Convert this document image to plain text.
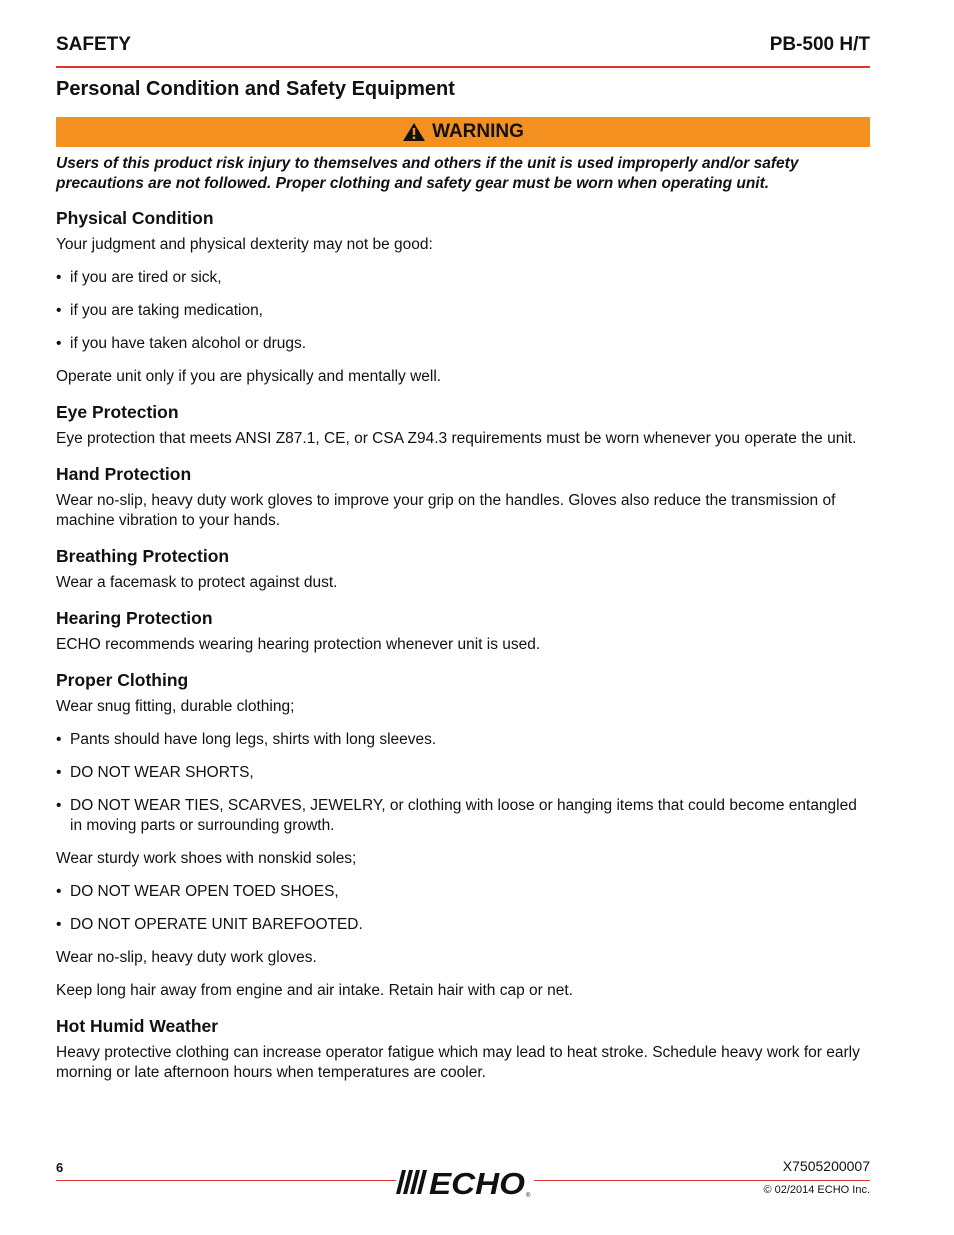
SAFETY	PB-500 H/T
Personal Condition and Safety Equipment
WARNING
Users of this product risk injury to themselves and others if the unit is used improperly and/or safety precautions are not followed. Proper clothing and safety gear must be worn when operating unit.
Physical Condition

Your judgment and physical dexterity may not be good:

• if you are tired or sick,
• if you are taking medication,
• if you have taken alcohol or drugs.

Operate unit only if you are physically and mentally well.

Eye Protection

Eye protection that meets ANSI Z87.1, CE, or CSA Z94.3 requirements must be worn whenever you operate the unit.

Hand Protection

Wear no-slip, heavy duty work gloves to improve your grip on the handles. Gloves also reduce the transmission of machine vibration to your hands.

Breathing Protection

Wear a facemask to protect against dust.

Hearing Protection

ECHO recommends wearing hearing protection whenever unit is used.

Proper Clothing

Wear snug fitting, durable clothing;

• Pants should have long legs, shirts with long sleeves.
• DO NOT WEAR SHORTS,
• DO NOT WEAR TIES, SCARVES, JEWELRY, or clothing with loose or hanging items that could become entangled in moving parts or surrounding growth.

Wear sturdy work shoes with nonskid soles;

• DO NOT WEAR OPEN TOED SHOES,
• DO NOT OPERATE UNIT BAREFOOTED.

Wear no-slip, heavy duty work gloves.

Keep long hair away from engine and air intake. Retain hair with cap or net.

Hot Humid Weather

Heavy protective clothing can increase operator fatigue which may lead to heat stroke. Schedule heavy work for early morning or late afternoon hours when temperatures are cooler.

6	ECHO ®
X7505200007
© 02/2014 ECHO Inc.
